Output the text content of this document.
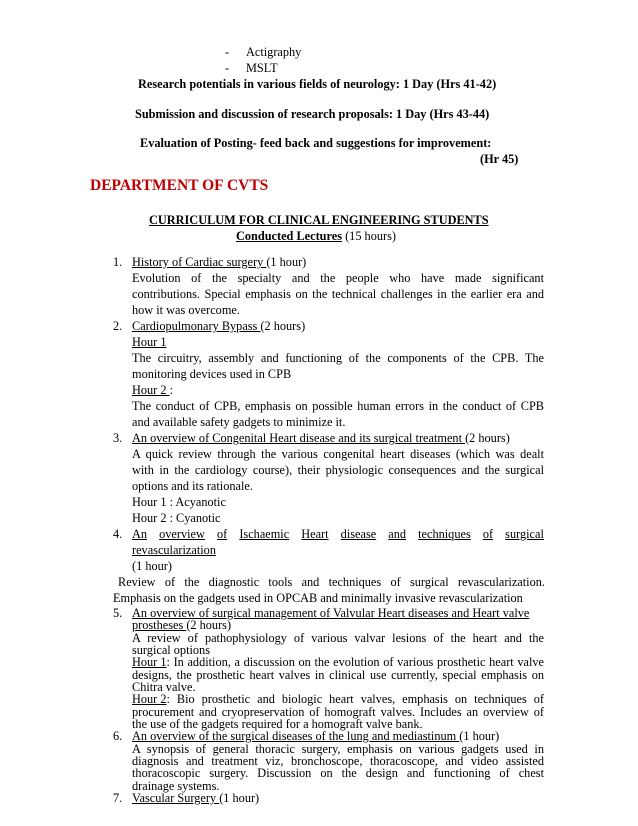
- Actigraphy
- MSLT
Research potentials in various fields of neurology: 1 Day (Hrs 41-42)
Submission and discussion of research proposals: 1 Day (Hrs 43-44)
Evaluation of Posting- feed back and suggestions for improvement:
(Hr 45)
DEPARTMENT OF CVTS
CURRICULUM FOR CLINICAL ENGINEERING STUDENTS
Conducted Lectures (15 hours)
1. History of Cardiac surgery (1 hour)
Evolution of the specialty and the people who have made significant
contributions. Special emphasis on the technical challenges in the earlier era and
how it was overcome.
2. Cardiopulmonary Bypass (2 hours)
Hour 1
The circuitry, assembly and functioning of the components of the CPB. The
monitoring devices used in CPB
Hour 2 :
The conduct of CPB, emphasis on possible human errors in the conduct of CPB
and available safety gadgets to minimize it.
3. An overview of Congenital Heart disease and its surgical treatment (2 hours)
A quick review through the various congenital heart diseases (which was dealt
with in the cardiology course), their physiologic consequences and the surgical
options and its rationale.
Hour 1 : Acyanotic
Hour 2 : Cyanotic
4. An overview of Ischaemic Heart disease and techniques of surgical
revascularization
(1 hour)
Review of the diagnostic tools and techniques of surgical revascularization.
Emphasis on the gadgets used in OPCAB and minimally invasive revascularization
5. An overview of surgical management of Valvular Heart diseases and Heart valve
prostheses (2 hours)
A review of pathophysiology of various valvar lesions of the heart and the
surgical options
Hour 1 : In addition, a discussion on the evolution of various prosthetic heart valve
designs, the prosthetic heart valves in clinical use currently, special emphasis on
Chitra valve.
Hour 2 : Bio prosthetic and biologic heart valves, emphasis on techniques of
procurement and cryopreservation of homograft valves. Includes an overview of
the use of the gadgets required for a homograft valve bank.
6. An overview of the surgical diseases of the lung and mediastinum (1 hour)
A synopsis of general thoracic surgery, emphasis on various gadgets used in
diagnosis and treatment viz, bronchoscope, thoracoscope, and video assisted
thoracoscopic surgery. Discussion on the design and functioning of chest
drainage systems.
7. Vascular Surgery (1 hour)
